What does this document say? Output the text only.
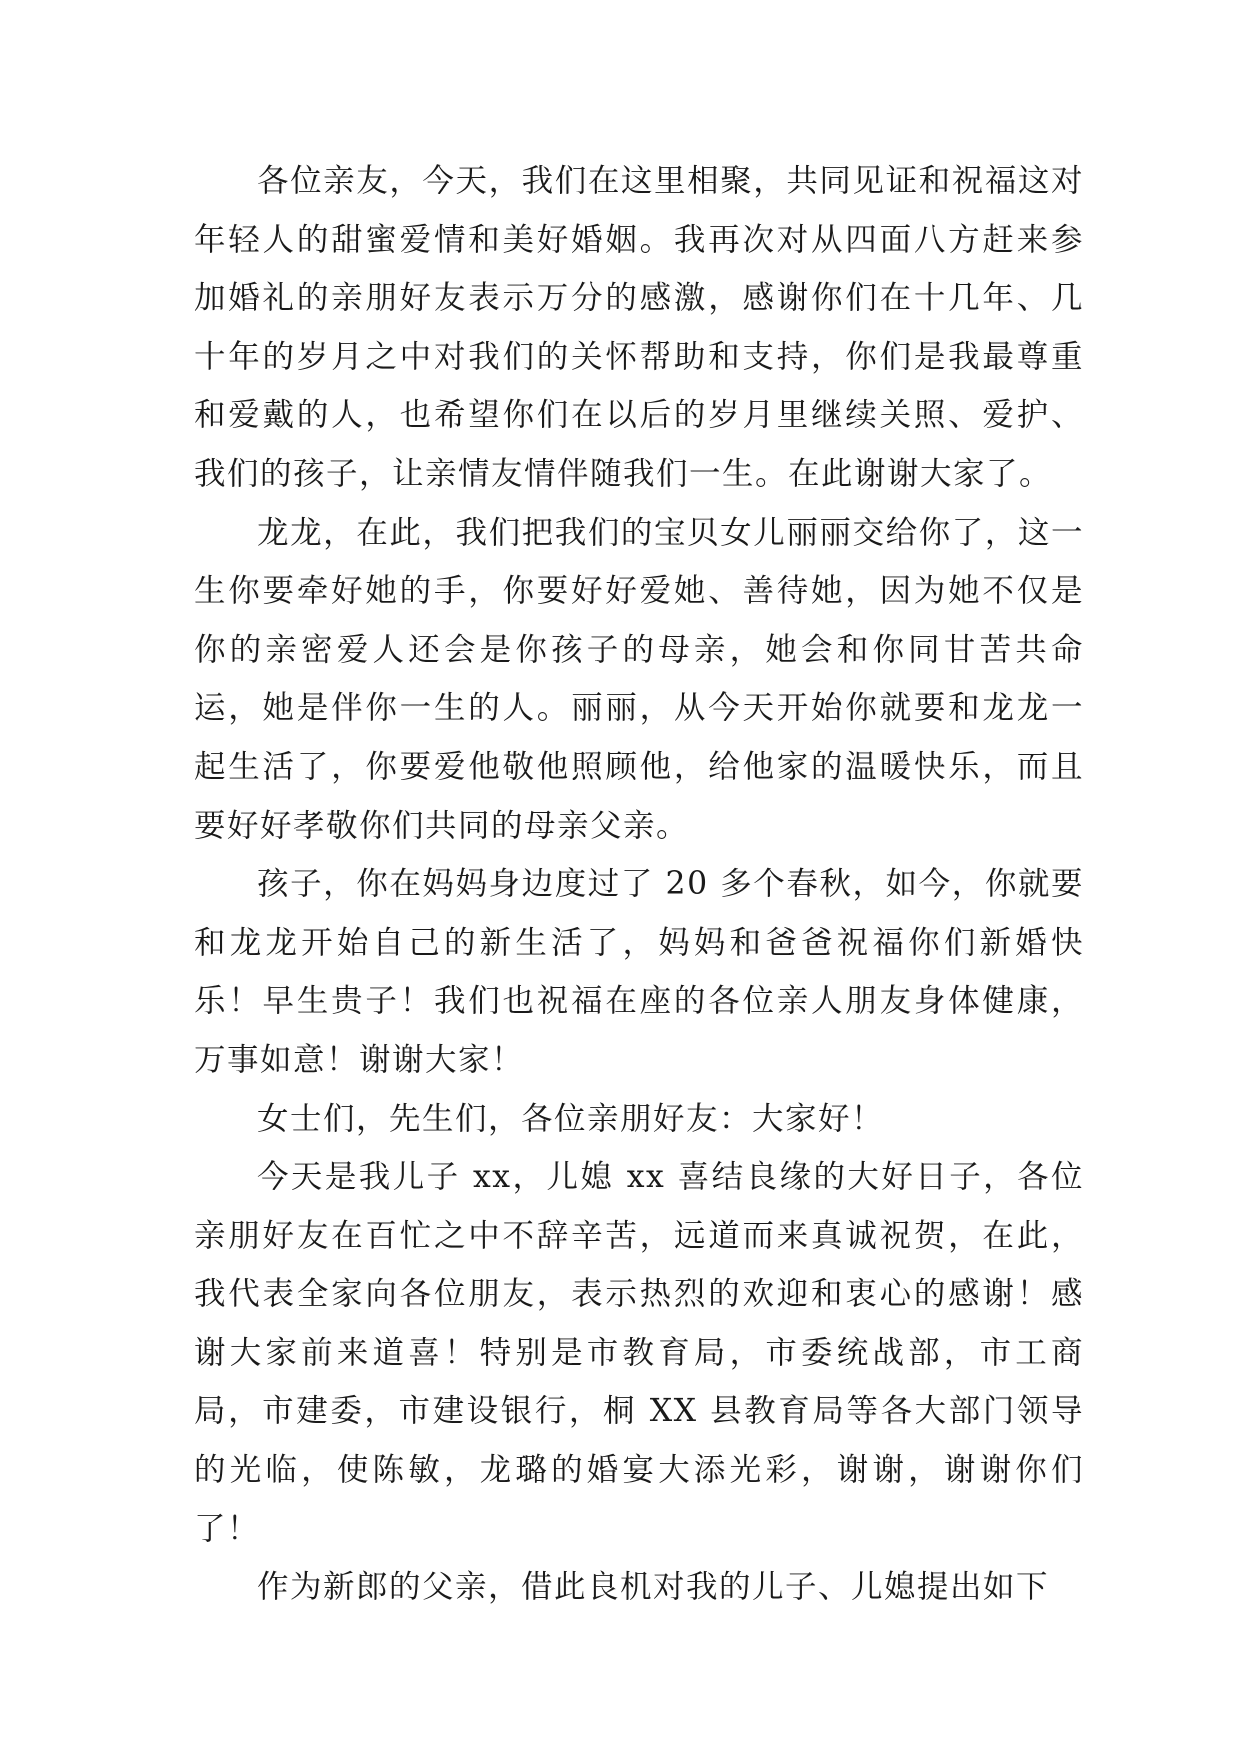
各位亲友，今天，我们在这里相聚，共同见证和祝福这对年轻人的甜蜜爱情和美好婚姻。我再次对从四面八方赶来参加婚礼的亲朋好友表示万分的感激，感谢你们在十几年、几十年的岁月之中对我们的关怀帮助和支持，你们是我最尊重和爱戴的人，也希望你们在以后的岁月里继续关照、爱护、我们的孩子，让亲情友情伴随我们一生。在此谢谢大家了。

龙龙，在此，我们把我们的宝贝女儿丽丽交给你了，这一生你要牵好她的手，你要好好爱她、善待她，因为她不仅是你的亲密爱人还会是你孩子的母亲，她会和你同甘苦共命运，她是伴你一生的人。丽丽，从今天开始你就要和龙龙一起生活了，你要爱他敬他照顾他，给他家的温暖快乐，而且要好好孝敬你们共同的母亲父亲。

孩子，你在妈妈身边度过了 20 多个春秋，如今，你就要和龙龙开始自己的新生活了，妈妈和爸爸祝福你们新婚快乐！早生贵子！我们也祝福在座的各位亲人朋友身体健康，万事如意！谢谢大家！

女士们，先生们，各位亲朋好友：大家好！

今天是我儿子 xx，儿媳 xx 喜结良缘的大好日子，各位亲朋好友在百忙之中不辞辛苦，远道而来真诚祝贺，在此，我代表全家向各位朋友，表示热烈的欢迎和衷心的感谢！感谢大家前来道喜！特别是市教育局，市委统战部，市工商局，市建委，市建设银行，桐 XX 县教育局等各大部门领导的光临，使陈敏，龙璐的婚宴大添光彩，谢谢，谢谢你们了！

作为新郎的父亲，借此良机对我的儿子、儿媳提出如下
